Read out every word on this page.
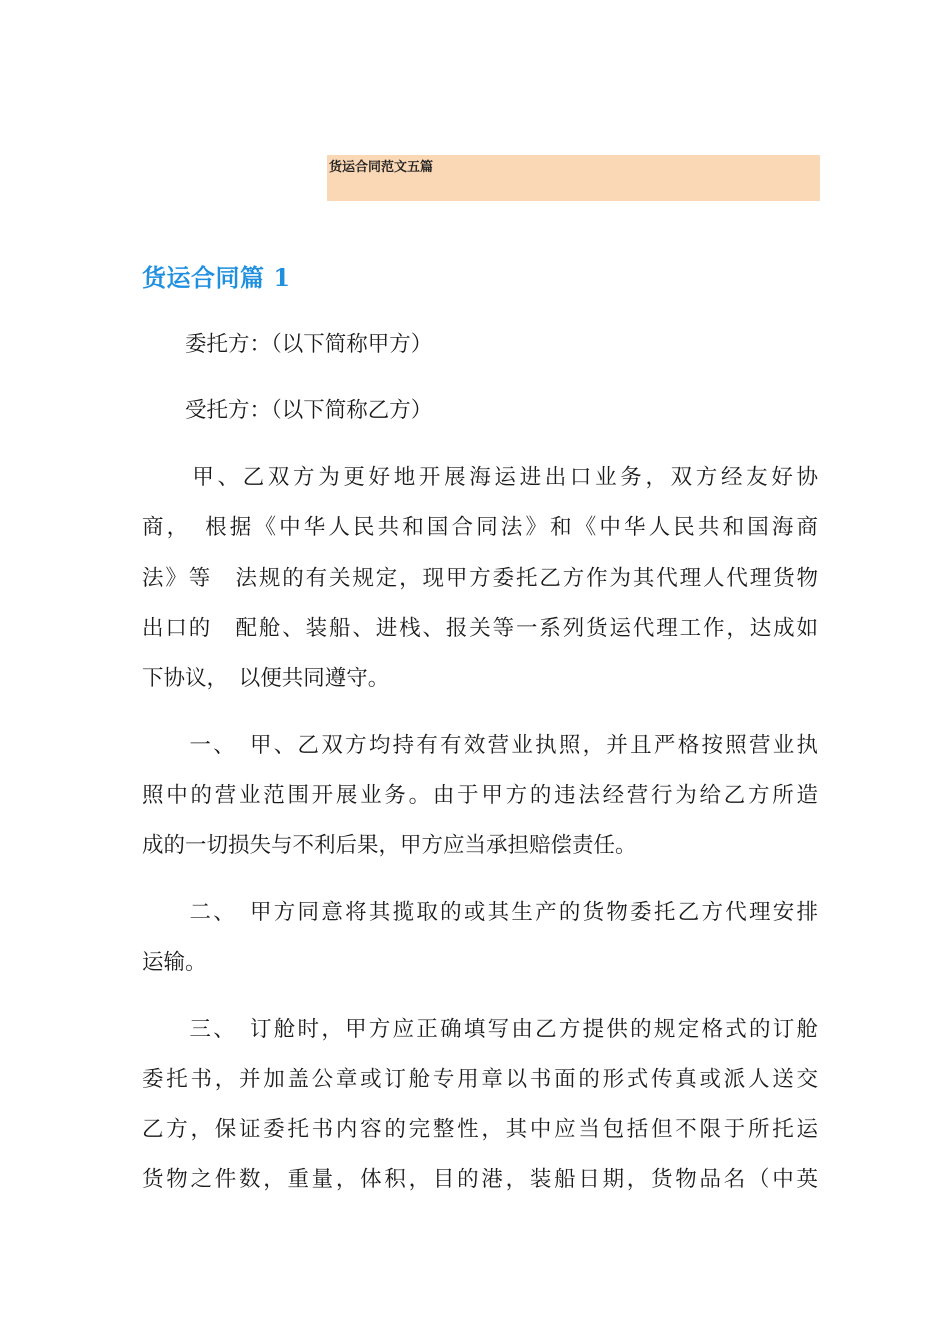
货运合同范文五篇
货运合同篇 1
　　委托方：（以下简称甲方）
　　受托方：（以下简称乙方）
　　甲、乙双方为更好地开展海运进出口业务，双方经友好协
商，　根据《中华人民共和国合同法》和《中华人民共和国海商
法》等　法规的有关规定，现甲方委托乙方作为其代理人代理货物
出口的　配舱、装船、进栈、报关等一系列货运代理工作，达成如
下协议，　以便共同遵守。
　　一、　甲、乙双方均持有有效营业执照，并且严格按照营业执
照中的营业范围开展业务。由于甲方的违法经营行为给乙方所造
成的一切损失与不利后果，甲方应当承担赔偿责任。
　　二、　甲方同意将其揽取的或其生产的货物委托乙方代理安排
运输。
　　三、　订舱时，甲方应正确填写由乙方提供的规定格式的订舱
委托书，并加盖公章或订舱专用章以书面的形式传真或派人送交
乙方，保证委托书内容的完整性，其中应当包括但不限于所托运
货物之件数，重量，体积，目的港，装船日期，货物品名（中英
